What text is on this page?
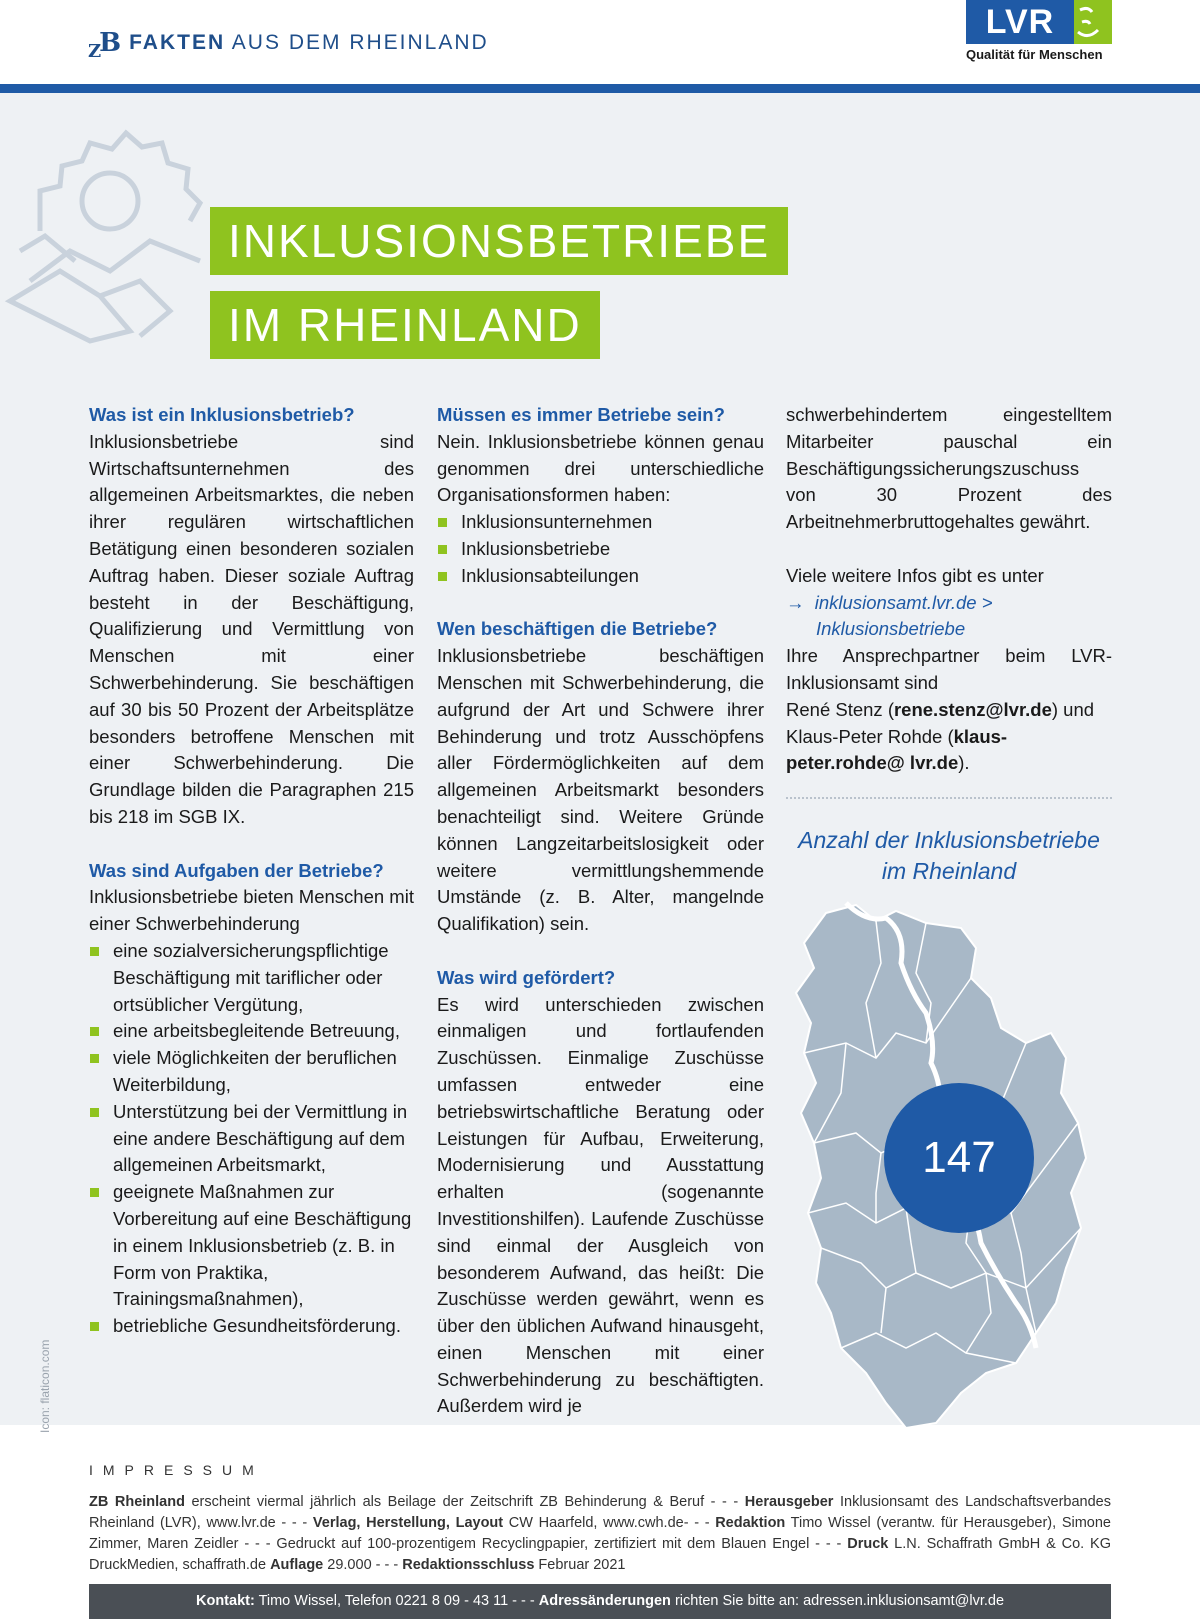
$_Z$B FAKTEN AUS DEM RHEINLAND
LVR
Qualität für Menschen
INKLUSIONSBETRIEBE
IM RHEINLAND
Was ist ein Inklusionsbetrieb?
Inklusionsbetriebe sind Wirtschaftsunternehmen des allgemeinen Arbeitsmarktes, die neben ihrer regulären wirtschaftlichen Betätigung einen besonderen sozialen Auftrag haben. Dieser soziale Auftrag besteht in der Beschäftigung, Qualifizierung und Vermittlung von Menschen mit einer Schwerbehinderung. Sie beschäftigen auf 30 bis 50 Prozent der Arbeitsplätze besonders betroffene Menschen mit einer Schwerbehinderung. Die Grundlage bilden die Paragraphen 215 bis 218 im SGB IX.
Was sind Aufgaben der Betriebe?
Inklusionsbetriebe bieten Menschen mit einer Schwerbehinderung
eine sozialversicherungspflichtige Beschäftigung mit tariflicher oder ortsüblicher Vergütung,
eine arbeitsbegleitende Betreuung,
viele Möglichkeiten der beruflichen Weiterbildung,
Unterstützung bei der Vermittlung in eine andere Beschäftigung auf dem allgemeinen Arbeitsmarkt,
geeignete Maßnahmen zur Vorbereitung auf eine Beschäftigung in einem Inklusionsbetrieb (z. B. in Form von Praktika, Trainingsmaßnahmen),
betriebliche Gesundheitsförderung.
Müssen es immer Betriebe sein?
Nein. Inklusionsbetriebe können genau genommen drei unterschiedliche Organisationsformen haben:
Inklusionsunternehmen
Inklusionsbetriebe
Inklusionsabteilungen
Wen beschäftigen die Betriebe?
Inklusionsbetriebe beschäftigen Menschen mit Schwerbehinderung, die aufgrund der Art und Schwere ihrer Behinderung und trotz Ausschöpfens aller Fördermöglichkeiten auf dem allgemeinen Arbeitsmarkt besonders benachteiligt sind. Weitere Gründe können Langzeitarbeitslosigkeit oder weitere vermittlungshemmende Umstände (z. B. Alter, mangelnde Qualifikation) sein.
Was wird gefördert?
Es wird unterschieden zwischen einmaligen und fortlaufenden Zuschüssen. Einmalige Zuschüsse umfassen entweder eine betriebswirtschaftliche Beratung oder Leistungen für Aufbau, Erweiterung, Modernisierung und Ausstattung erhalten (sogenannte Investitionshilfen). Laufende Zuschüsse sind einmal der Ausgleich von besonderem Aufwand, das heißt: Die Zuschüsse werden gewährt, wenn es über den üblichen Aufwand hinausgeht, einen Menschen mit einer Schwerbehinderung zu beschäftigten. Außerdem wird je
schwerbehindertem eingestelltem Mitarbeiter pauschal ein Beschäftigungssicherungszuschuss von 30 Prozent des Arbeitnehmerbruttogehaltes gewährt.
Viele weitere Infos gibt es unter
→ inklusionsamt.lvr.de >
Inklusionsbetriebe
Ihre Ansprechpartner beim LVR-Inklusionsamt sind
René Stenz (rene.stenz@lvr.de) und
Klaus-Peter Rohde (klaus-peter.rohde@ lvr.de).
Anzahl der Inklusionsbetriebe
im Rheinland
147
Icon: flaticon.com
IMPRESSUM
ZB Rheinland erscheint viermal jährlich als Beilage der Zeitschrift ZB Behinderung & Beruf - - - Herausgeber Inklusionsamt des Landschaftsverbandes Rheinland (LVR), www.lvr.de - - - Verlag, Herstellung, Layout CW Haarfeld, www.cwh.de- - - Redaktion Timo Wissel (verantw. für Herausgeber), Simone Zimmer, Maren Zeidler - - - Gedruckt auf 100-prozentigem Recyclingpapier, zertifiziert mit dem Blauen Engel - - - Druck L.N. Schaffrath GmbH & Co. KG DruckMedien, schaffrath.de Auflage 29.000 - - - Redaktionsschluss Februar 2021
Kontakt: Timo Wissel, Telefon 0221 8 09 - 43 11 - - - Adressänderungen richten Sie bitte an: adressen.inklusionsamt@lvr.de
